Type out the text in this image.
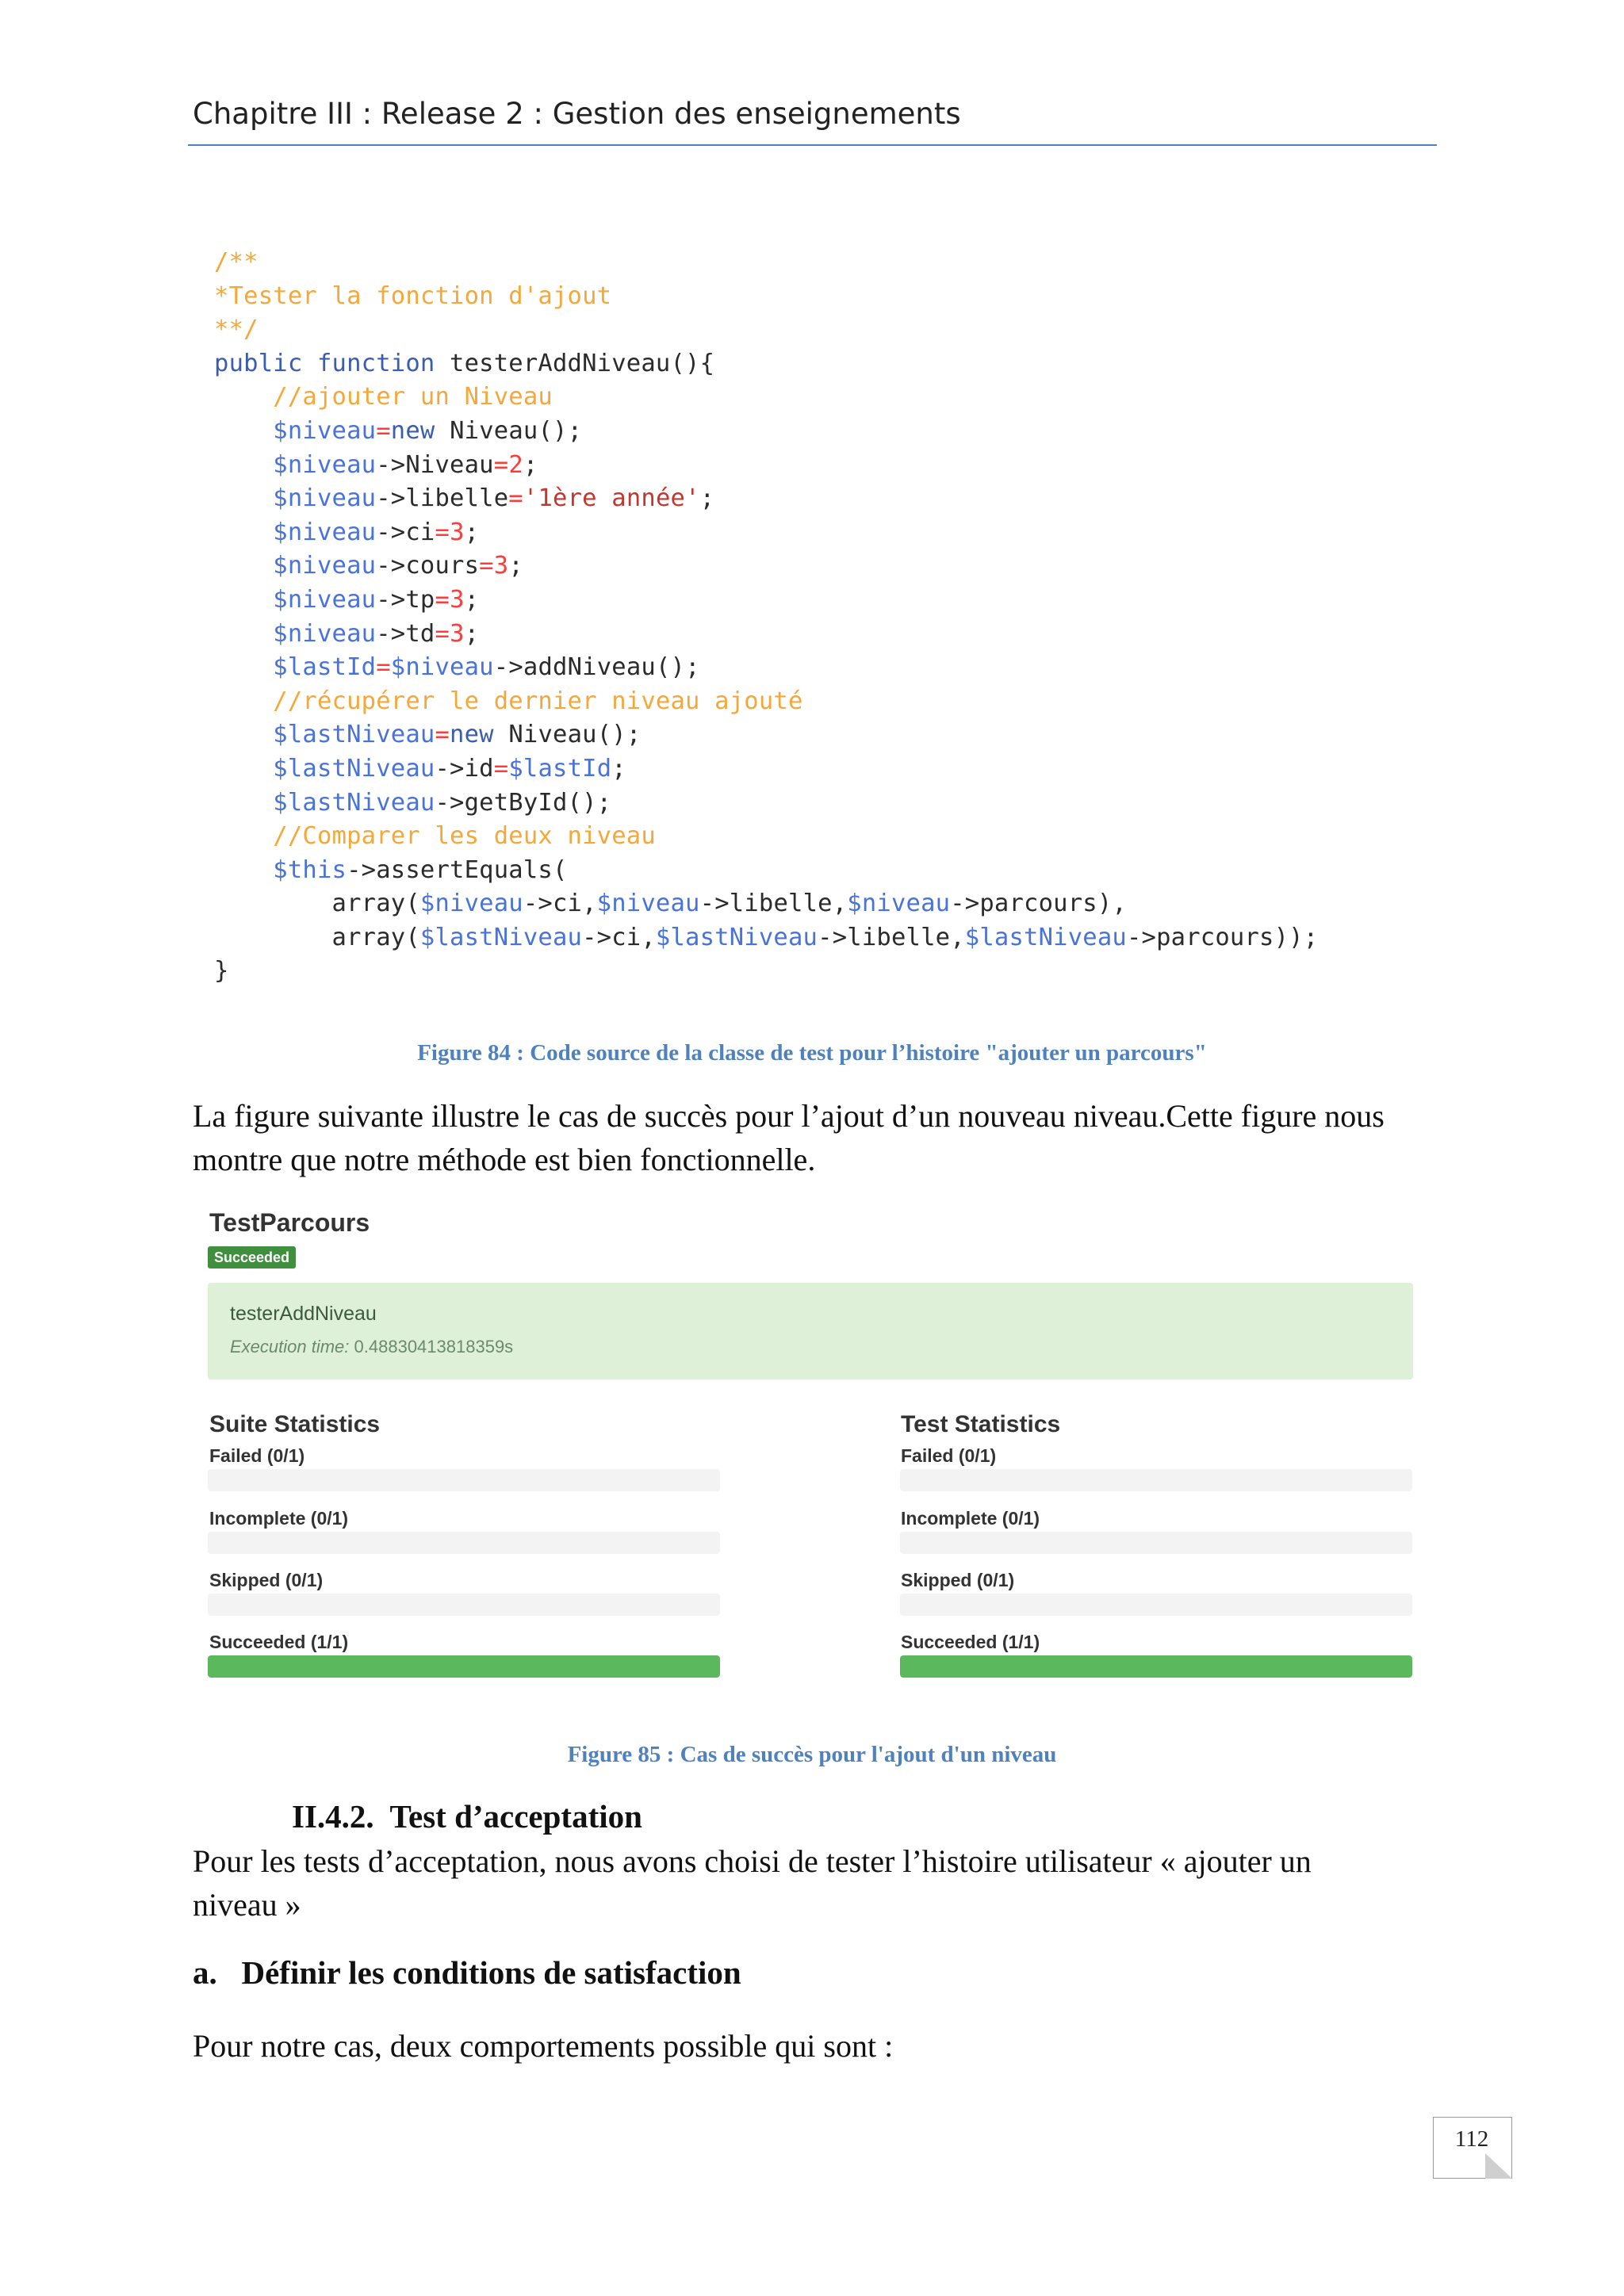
Chapitre III : Release 2 : Gestion des enseignements
/**
*Tester la fonction d'ajout
**/
public function testerAddNiveau(){
//ajouter un Niveau
$niveau=new Niveau();
$niveau->Niveau=2;
$niveau->libelle='1ère année';
$niveau->ci=3;
$niveau->cours=3;
$niveau->tp=3;
$niveau->td=3;
$lastId=$niveau->addNiveau();
//récupérer le dernier niveau ajouté
$lastNiveau=new Niveau();
$lastNiveau->id=$lastId;
$lastNiveau->getById();
//Comparer les deux niveau
$this->assertEquals(
array($niveau->ci,$niveau->libelle,$niveau->parcours),
array($lastNiveau->ci,$lastNiveau->libelle,$lastNiveau->parcours));
}
Figure 84 : Code source de la classe de test pour l’histoire "ajouter un parcours"
La figure suivante illustre le cas de succès pour l’ajout d’un nouveau niveau.Cette figure nous
montre que notre méthode est bien fonctionnelle.
TestParcours
Succeeded
testerAddNiveau
Execution time: 0.48830413818359s
Suite Statistics
Failed (0/1)
Incomplete (0/1)
Skipped (0/1)
Succeeded (1/1)
Test Statistics
Failed (0/1)
Incomplete (0/1)
Skipped (0/1)
Succeeded (1/1)
Figure 85 : Cas de succès pour l'ajout d'un niveau
II.4.2. Test d’acceptation
Pour les tests d’acceptation, nous avons choisi de tester l’histoire utilisateur « ajouter un
niveau »
a. Définir les conditions de satisfaction
Pour notre cas, deux comportements possible qui sont :
112
